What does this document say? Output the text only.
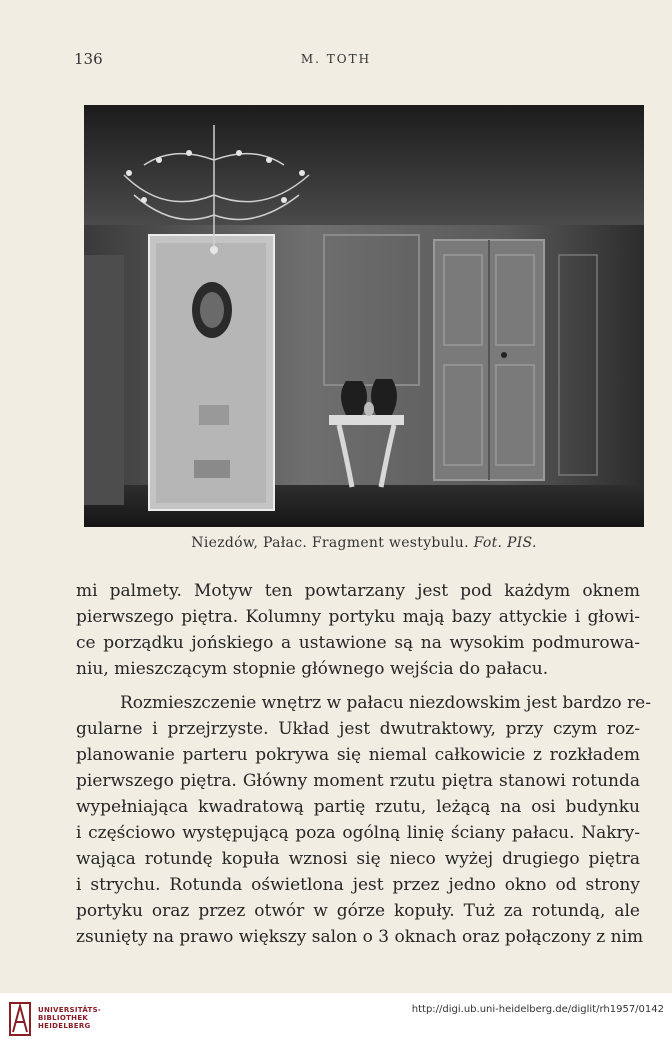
136	M. TOTH
Niezdów, Pałac. Fragment westybulu. Fot. PIS.
mi palmety. Motyw ten powtarzany jest pod każdym oknem
pierwszego piętra. Kolumny portyku mają bazy attyckie i głowi-
ce porządku jońskiego a ustawione są na wysokim podmurowa-
niu, mieszczącym stopnie głównego wejścia do pałacu.
Rozmieszczenie wnętrz w pałacu niezdowskim jest bardzo re-
gularne i przejrzyste. Układ jest dwutraktowy, przy czym roz-
planowanie parteru pokrywa się niemal całkowicie z rozkładem
pierwszego piętra. Główny moment rzutu piętra stanowi rotunda
wypełniająca kwadratową partię rzutu, leżącą na osi budynku
i częściowo występującą poza ogólną linię ściany pałacu. Nakry-
wająca rotundę kopuła wznosi się nieco wyżej drugiego piętra
i strychu. Rotunda oświetlona jest przez jedno okno od strony
portyku oraz przez otwór w górze kopuły. Tuż za rotundą, ale
zsunięty na prawo większy salon o 3 oknach oraz połączony z nim
UNIVERSITÄTS-
BIBLIOTHEK
HEIDELBERG
http://digi.ub.uni-heidelberg.de/diglit/rh1957/0142
